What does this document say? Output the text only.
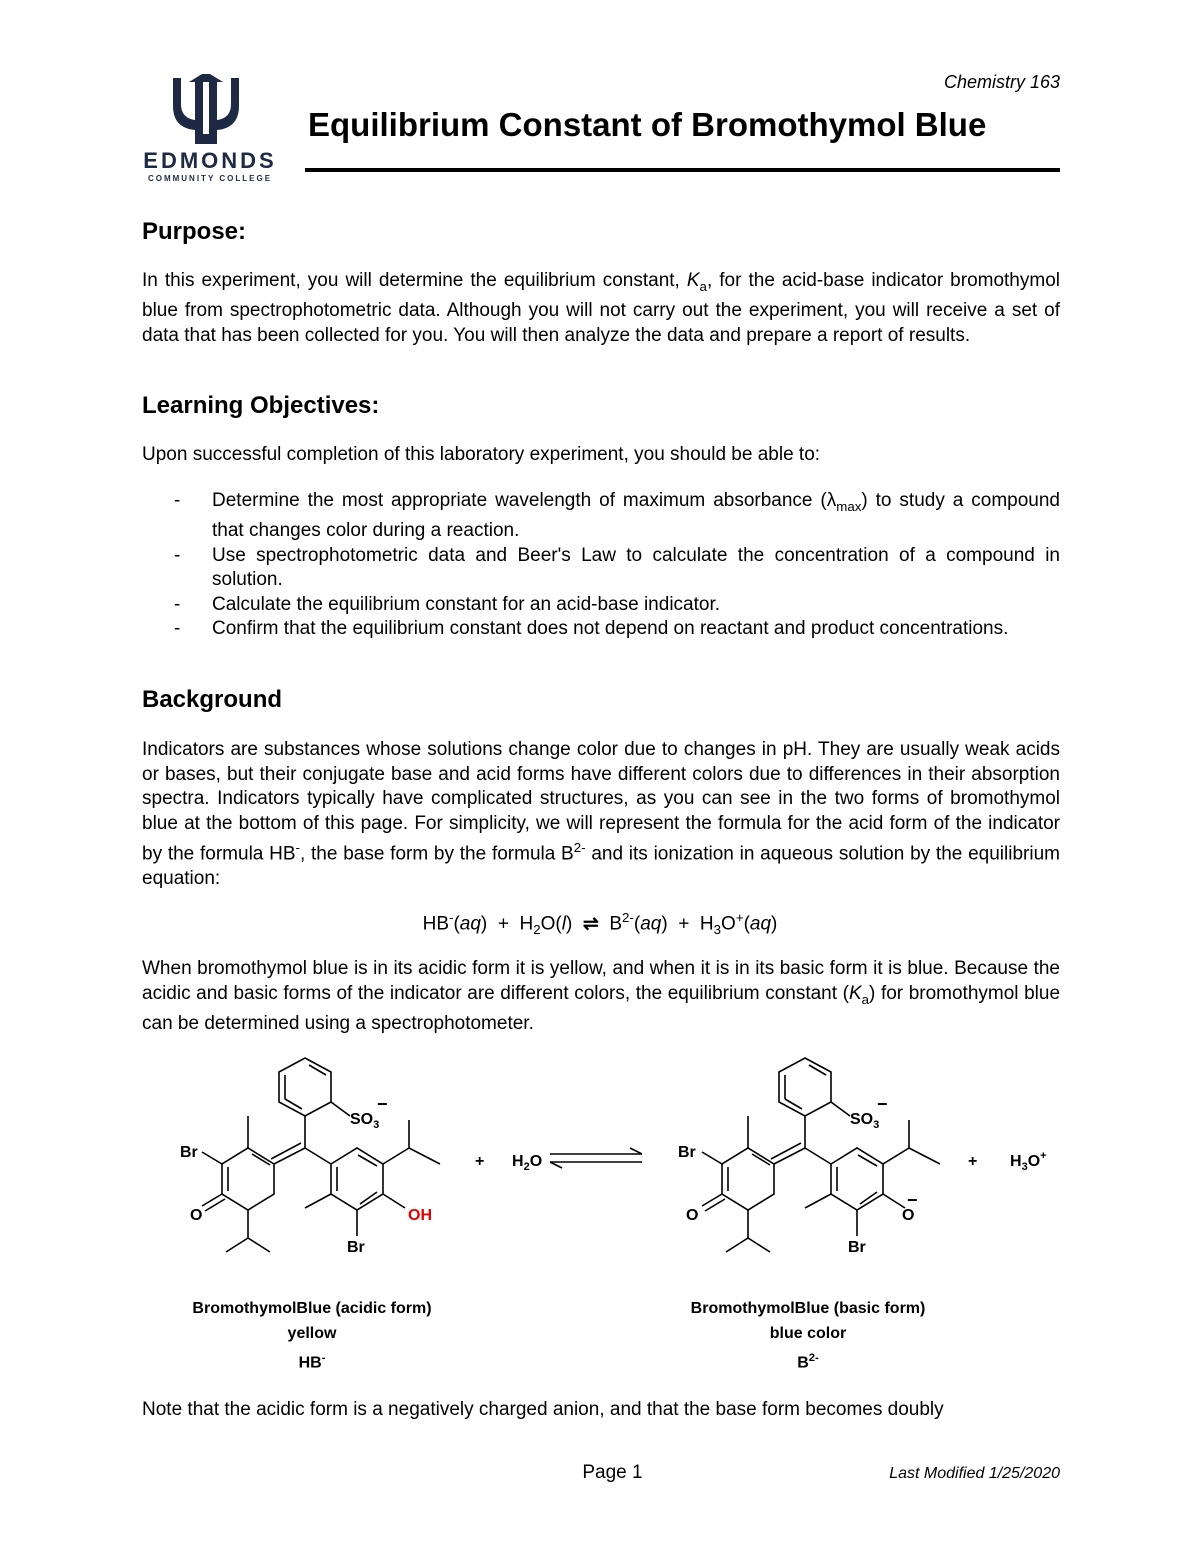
Chemistry 163
EDMONDS
COMMUNITY COLLEGE
Equilibrium Constant of Bromothymol Blue
Purpose:

In this experiment, you will determine the equilibrium constant, $K_a$, for the acid-base indicator bromothymol blue from spectrophotometric data. Although you will not carry out the experiment, you will receive a set of data that has been collected for you. You will then analyze the data and prepare a report of results.

Learning Objectives:

Upon successful completion of this laboratory experiment, you should be able to:

- Determine the most appropriate wavelength of maximum absorbance $(\lambda_{max})$ to study a compound that changes color during a reaction.
- Use spectrophotometric data and Beer's Law to calculate the concentration of a compound in solution.
- Calculate the equilibrium constant for an acid-base indicator.
- Confirm that the equilibrium constant does not depend on reactant and product concentrations.
Background

Indicators are substances whose solutions change color due to changes in pH. They are usually weak acids or bases, but their conjugate base and acid forms have different colors due to differences in their absorption spectra. Indicators typically have complicated structures, as you can see in the two forms of bromothymol blue at the bottom of this page. For simplicity, we will represent the formula for the acid form of the indicator by the formula HB-, the base form by the formula $B^{2-}$ and its ionization in aqueous solution by the equilibrium equation:

$HB^-(aq) + H_2O(l)$  ⇌ $B^{2-}(aq) + H_3O^+(aq)$

When bromothymol blue is in its acidic form it is yellow, and when it is in its basic form it is blue. Because the acidic and basic forms of the indicator are different colors, the equilibrium constant $(K_a)$ for bromothymol blue can be determined using a spectrophotometer.

$SO_3$
−
Br
O	OH
Br
+ $H_2O$
$SO_3$
−
Br
O	O
−
Br
+ $H_3O^+$
BromothymolBlue (acidic form)
yellow
HB-
BromothymolBlue (basic form)
blue color
$B^{2-}$

Note that the acidic form is a negatively charged anion, and that the base form becomes doubly

Page 1	Last Modified 1/25/2020
